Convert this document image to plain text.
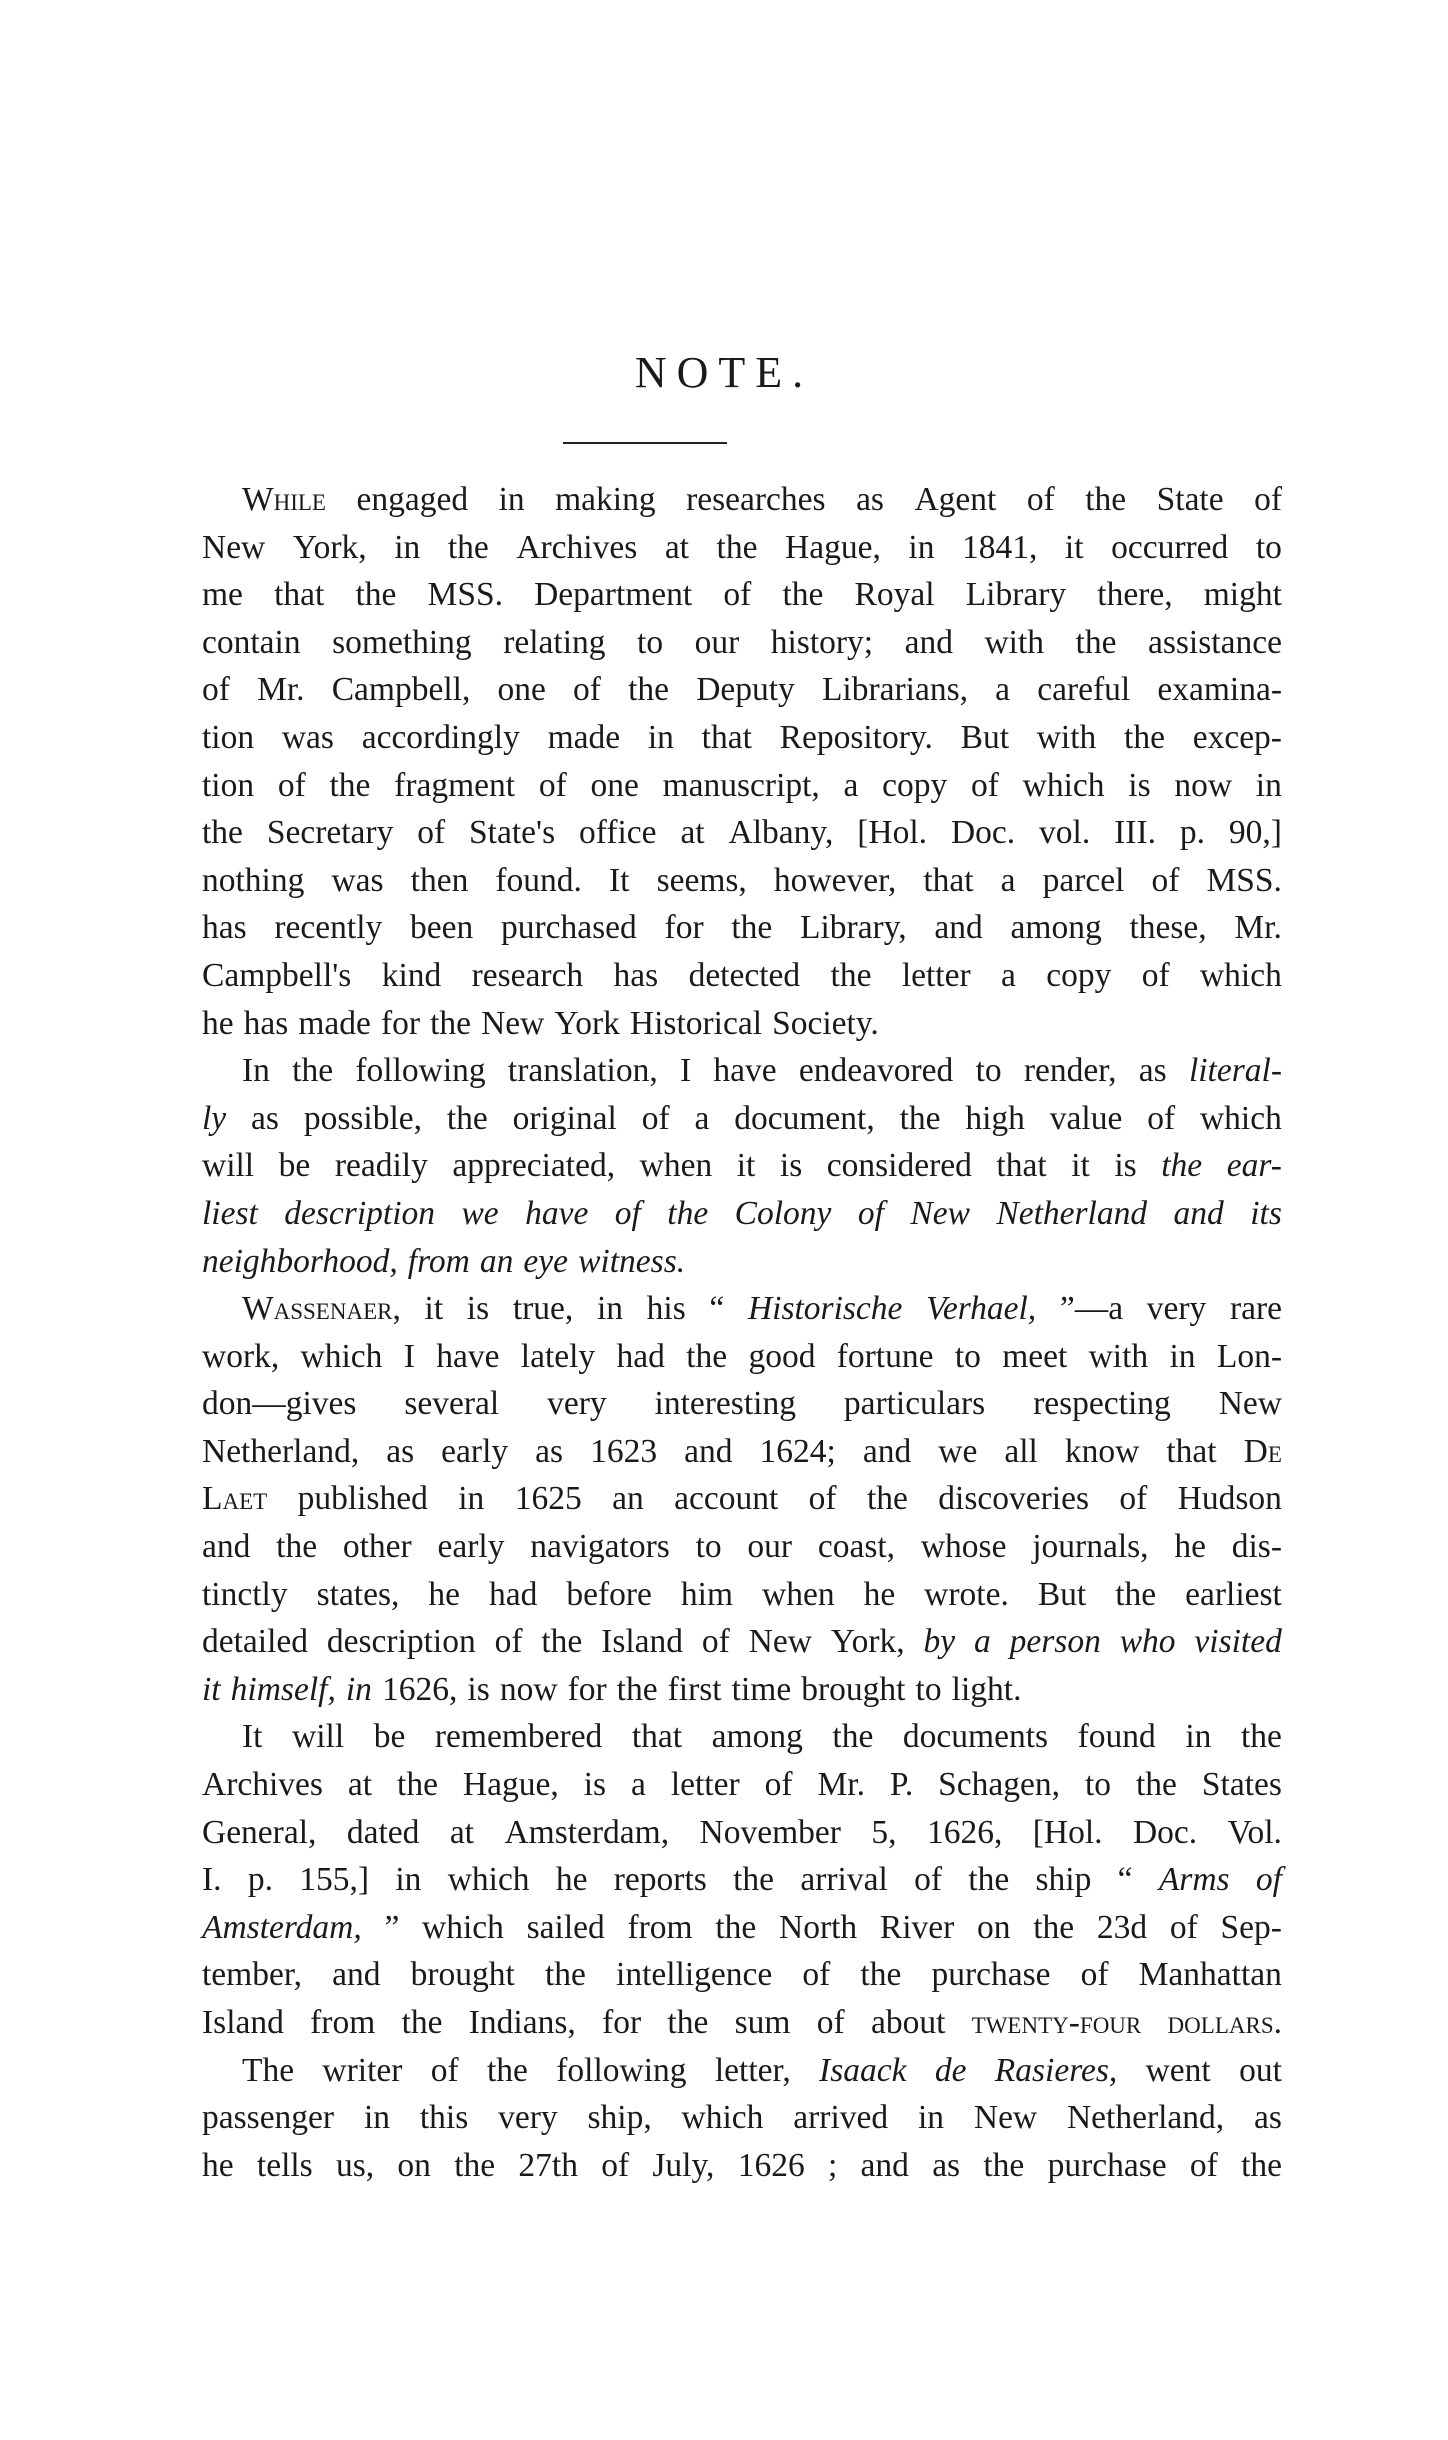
NOTE.
While engaged in making researches as Agent of the State of
New York, in the Archives at the Hague, in 1841, it occurred to
me that the MSS. Department of the Royal Library there, might
contain something relating to our history; and with the assistance
of Mr. Campbell, one of the Deputy Librarians, a careful examina-
tion was accordingly made in that Repository. But with the excep-
tion of the fragment of one manuscript, a copy of which is now in
the Secretary of State's office at Albany, [Hol. Doc. vol. III. p. 90,]
nothing was then found. It seems, however, that a parcel of MSS.
has recently been purchased for the Library, and among these, Mr.
Campbell's kind research has detected the letter a copy of which
he has made for the New York Historical Society.
In the following translation, I have endeavored to render, as literal-
ly as possible, the original of a document, the high value of which
will be readily appreciated, when it is considered that it is the ear-
liest description we have of the Colony of New Netherland and its
neighborhood, from an eye witness.
Wassenaer, it is true, in his “ Historische Verhael, ”—a very rare
work, which I have lately had the good fortune to meet with in Lon-
don—gives several very interesting particulars respecting New
Netherland, as early as 1623 and 1624; and we all know that De
Laet published in 1625 an account of the discoveries of Hudson
and the other early navigators to our coast, whose journals, he dis-
tinctly states, he had before him when he wrote. But the earliest
detailed description of the Island of New York, by a person who visited
it himself, in 1626, is now for the first time brought to light.
It will be remembered that among the documents found in the
Archives at the Hague, is a letter of Mr. P. Schagen, to the States
General, dated at Amsterdam, November 5, 1626, [Hol. Doc. Vol.
I. p. 155,] in which he reports the arrival of the ship “ Arms of
Amsterdam, ” which sailed from the North River on the 23d of Sep-
tember, and brought the intelligence of the purchase of Manhattan
Island from the Indians, for the sum of about twenty-four dollars.
The writer of the following letter, Isaack de Rasieres, went out
passenger in this very ship, which arrived in New Netherland, as
he tells us, on the 27th of July, 1626 ; and as the purchase of the
